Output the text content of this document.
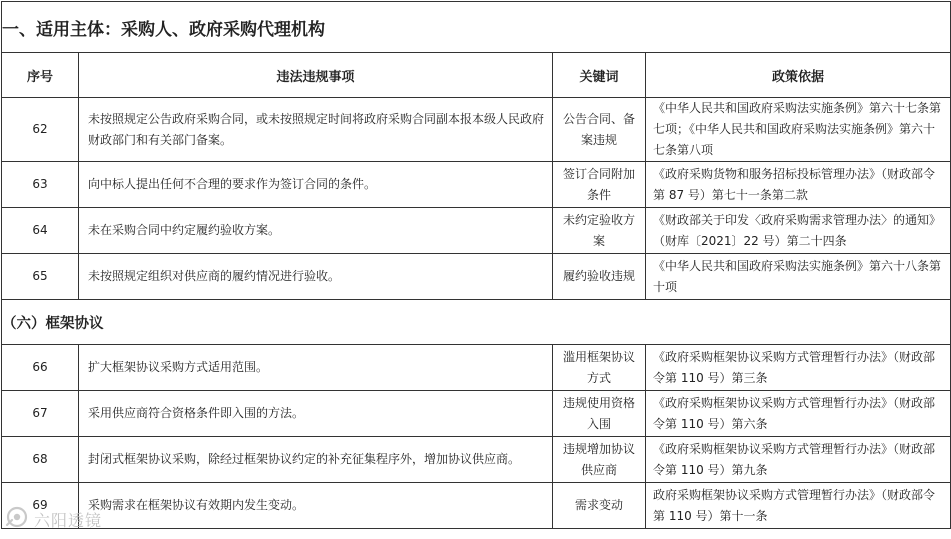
一、适用主体：采购人、政府采购代理机构			
序号	违法违规事项	关键词	政策依据
62	未按照规定公告政府采购合同，或未按照规定时间将政府采购合同副本报本级人民政府财政部门和有关部门备案。	公告合同、备案违规	《中华人民共和国政府采购法实施条例》第六十七条第七项；《中华人民共和国政府采购法实施条例》第六十七条第八项
63	向中标人提出任何不合理的要求作为签订合同的条件。	签订合同附加条件	《政府采购货物和服务招标投标管理办法》（财政部令第 87 号）第七十一条第二款
64	未在采购合同中约定履约验收方案。	未约定验收方案	《财政部关于印发〈政府采购需求管理办法〉的通知》（财库〔2021〕22 号）第二十四条
65	未按照规定组织对供应商的履约情况进行验收。	履约验收违规	《中华人民共和国政府采购法实施条例》第六十八条第十项
（六）框架协议			
66	扩大框架协议采购方式适用范围。	滥用框架协议方式	《政府采购框架协议采购方式管理暂行办法》（财政部令第 110 号）第三条
67	采用供应商符合资格条件即入围的方法。	违规使用资格入围	《政府采购框架协议采购方式管理暂行办法》（财政部令第 110 号）第六条
68	封闭式框架协议采购，除经过框架协议约定的补充征集程序外，增加协议供应商。	违规增加协议供应商	《政府采购框架协议采购方式管理暂行办法》（财政部令第 110 号）第九条
69	采购需求在框架协议有效期内发生变动。	需求变动	政府采购框架协议采购方式管理暂行办法》（财政部令第 110 号）第十一条
六阳透镜
